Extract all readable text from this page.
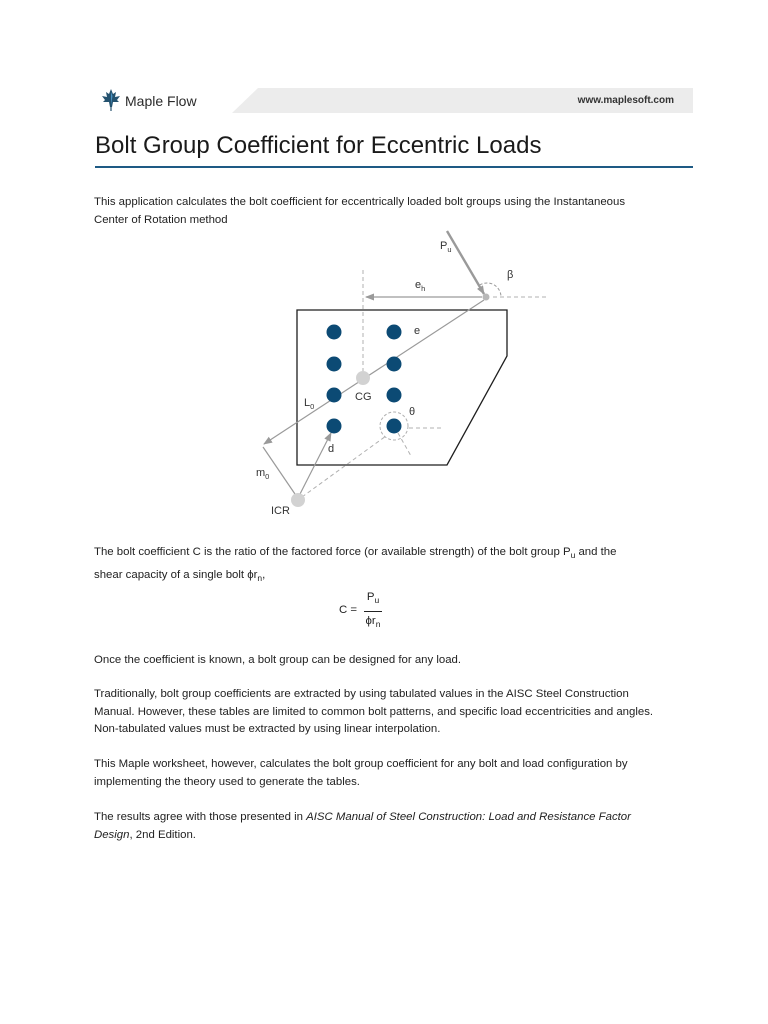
Maple Flow	www.maplesoft.com
Bolt Group Coefficient for Eccentric Loads
This application calculates the bolt coefficient for eccentrically loaded bolt groups using the Instantaneous
Center of Rotation method
$P_u$
β
$e_h$
e
CG
$L_0$	θ
d
$m_0$
ICR
The bolt coefficient C is the ratio of the factored force (or available strength) of the bolt group $P_u$ and the
shear capacity of a single bolt $\phi r_n$,
C =
$P_u$
$\phi r_n$
Once the coefficient is known, a bolt group can be designed for any load.
Traditionally, bolt group coefficients are extracted by using tabulated values in the AISC Steel Construction
Manual. However, these tables are limited to common bolt patterns, and specific load eccentricities and angles.
Non-tabulated values must be extracted by using linear interpolation.
This Maple worksheet, however, calculates the bolt group coefficient for any bolt and load configuration by
implementing the theory used to generate the tables.
The results agree with those presented in AISC Manual of Steel Construction: Load and Resistance Factor
Design, 2nd Edition.
